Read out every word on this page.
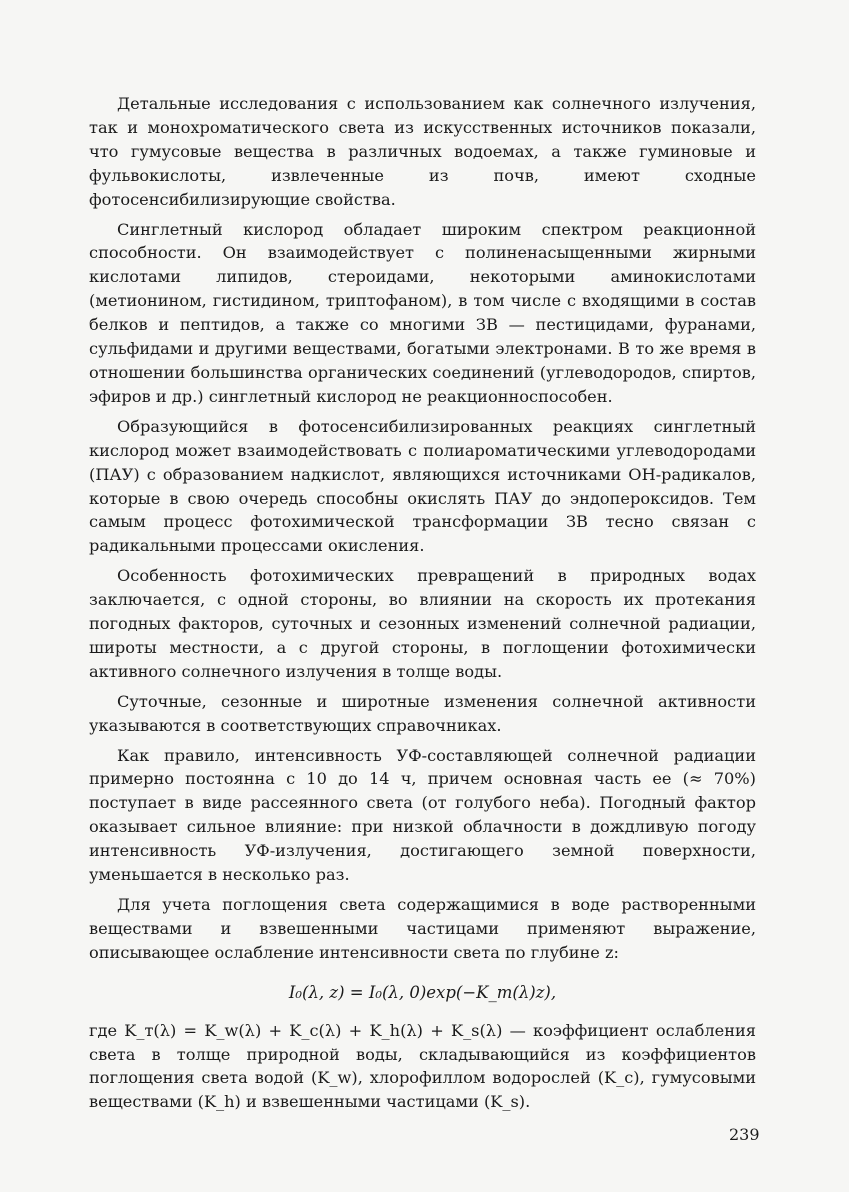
Детальные исследования с использованием как солнечного излучения, так и монохроматического света из искусственных источников показали, что гумусовые вещества в различных водоемах, а также гуминовые и фульвокислоты, извлеченные из почв, имеют сходные фотосенсибилизирующие свойства.

Синглетный кислород обладает широким спектром реакционной способности. Он взаимодействует с полиненасыщенными жирными кислотами липидов, стероидами, некоторыми аминокислотами (метионином, гистидином, триптофаном), в том числе с входящими в состав белков и пептидов, а также со многими ЗВ — пестицидами, фуранами, сульфидами и другими веществами, богатыми электронами. В то же время в отношении большинства органических соединений (углеводородов, спиртов, эфиров и др.) синглетный кислород не реакционноспособен.

Образующийся в фотосенсибилизированных реакциях синглетный кислород может взаимодействовать с полиароматическими углеводородами (ПАУ) с образованием надкислот, являющихся источниками OH-радикалов, которые в свою очередь способны окислять ПАУ до эндопероксидов. Тем самым процесс фотохимической трансформации ЗВ тесно связан с радикальными процессами окисления.

Особенность фотохимических превращений в природных водах заключается, с одной стороны, во влиянии на скорость их протекания погодных факторов, суточных и сезонных изменений солнечной радиации, широты местности, а с другой стороны, в поглощении фотохимически активного солнечного излучения в толще воды.

Суточные, сезонные и широтные изменения солнечной активности указываются в соответствующих справочниках.

Как правило, интенсивность УФ-составляющей солнечной радиации примерно постоянна с 10 до 14 ч, причем основная часть ее (≈ 70%) поступает в виде рассеянного света (от голубого неба). Погодный фактор оказывает сильное влияние: при низкой облачности в дождливую погоду интенсивность УФ-излучения, достигающего земной поверхности, уменьшается в несколько раз.

Для учета поглощения света содержащимися в воде растворенными веществами и взвешенными частицами применяют выражение, описывающее ослабление интенсивности света по глубине z:

I₀(λ, z) = I₀(λ, 0)exp(−K_т(λ)z),

где K_т(λ) = K_w(λ) + K_c(λ) + K_h(λ) + K_s(λ) — коэффициент ослабления света в толще природной воды, складывающийся из коэффициентов поглощения света водой (K_w), хлорофиллом водорослей (K_c), гумусовыми веществами (K_h) и взвешенными частицами (K_s).

239
